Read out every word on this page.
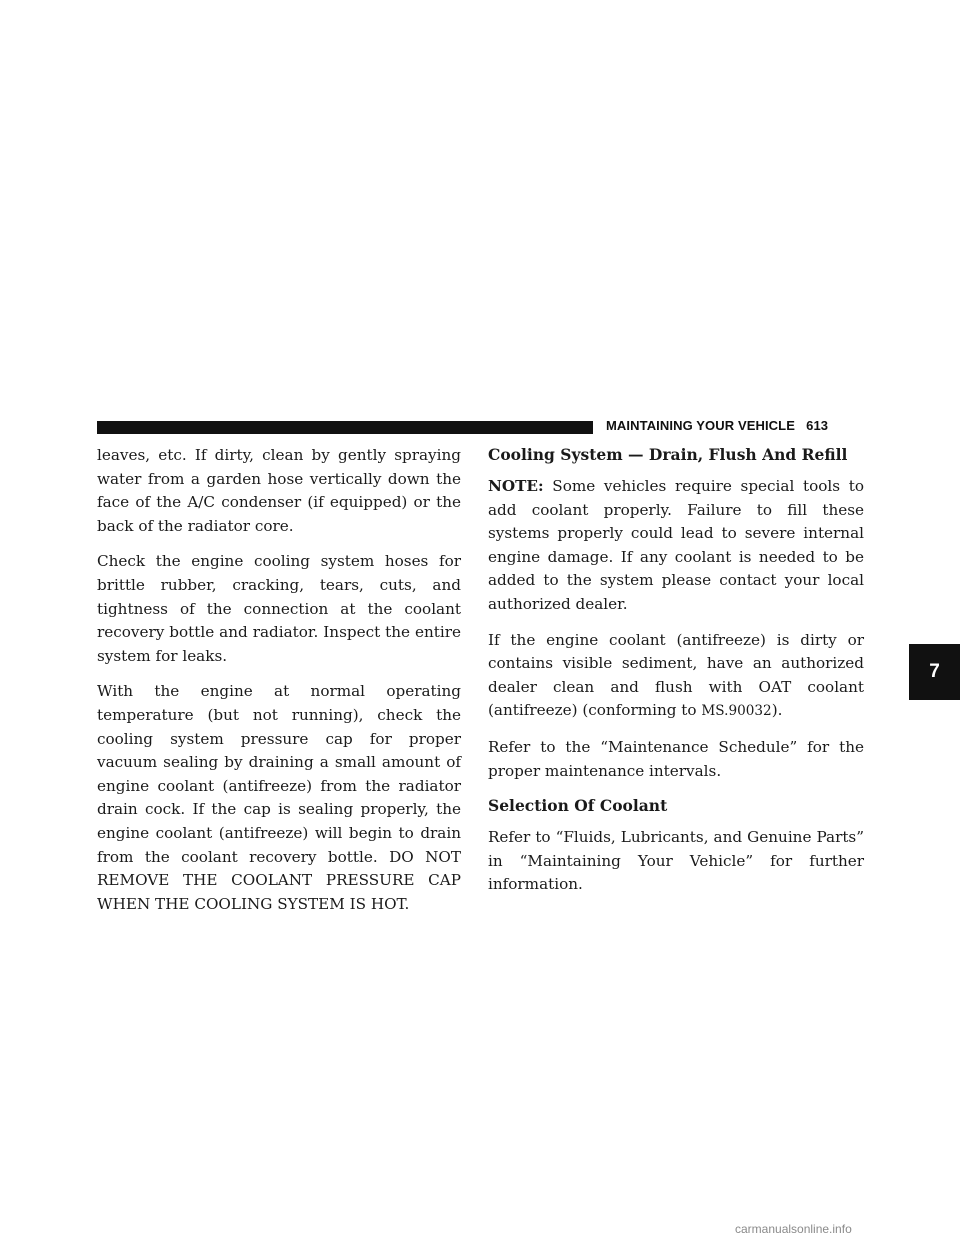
MAINTAINING YOUR VEHICLE 613

leaves, etc. If dirty, clean by gently spraying water from a garden hose vertically down the face of the A/C condenser (if equipped) or the back of the radiator core.

Check the engine cooling system hoses for brittle rubber, cracking, tears, cuts, and tightness of the connection at the coolant recovery bottle and radiator. Inspect the entire system for leaks.

With the engine at normal operating temperature (but not running), check the cooling system pressure cap for proper vacuum sealing by draining a small amount of engine coolant (antifreeze) from the radiator drain cock. If the cap is sealing properly, the engine coolant (antifreeze) will begin to drain from the coolant recovery bottle. DO NOT REMOVE THE COOLANT PRESSURE CAP WHEN THE COOLING SYSTEM IS HOT.

Cooling System — Drain, Flush And Refill

NOTE: Some vehicles require special tools to add coolant properly. Failure to fill these systems properly could lead to severe internal engine damage. If any coolant is needed to be added to the system please contact your local authorized dealer.

If the engine coolant (antifreeze) is dirty or contains visible sediment, have an authorized dealer clean and flush with OAT coolant (antifreeze) (conforming to MS.90032).

Refer to the “Maintenance Schedule” for the proper maintenance intervals.

Selection Of Coolant

Refer to “Fluids, Lubricants, and Genuine Parts” in “Maintaining Your Vehicle” for further information.

7
carmanualsonline.info
